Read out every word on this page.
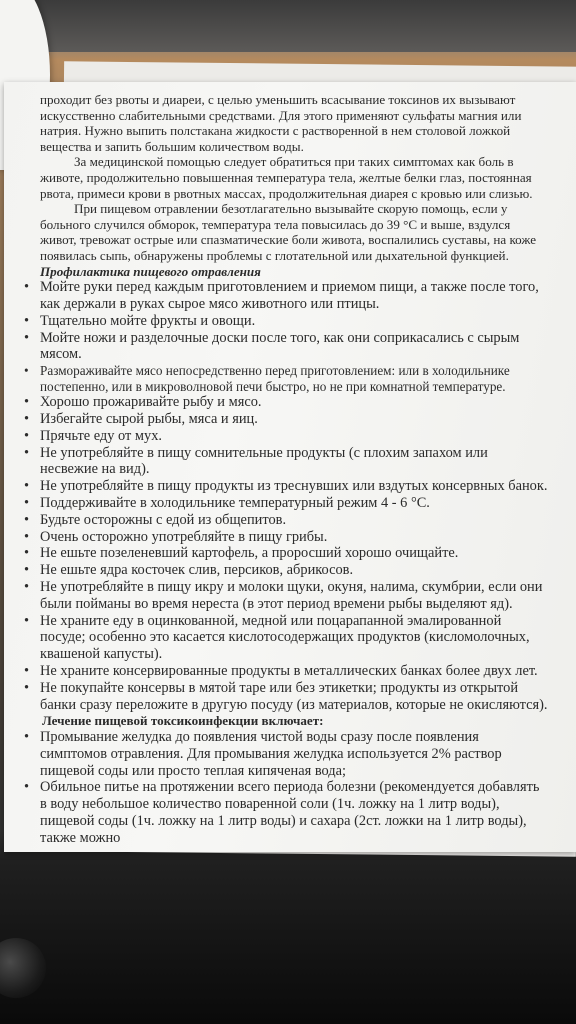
проходит без рвоты и диареи, с целью уменьшить всасывание токсинов их вызывают искусственно слабительными средствами. Для этого применяют сульфаты магния или натрия. Нужно выпить полстакана жидкости с растворенной в нем столовой ложкой вещества и запить большим количеством воды.

За медицинской помощью следует обратиться при таких симптомах как боль в животе, продолжительно повышенная температура тела, желтые белки глаз, постоянная рвота, примеси крови в рвотных массах, продолжительная диарея с кровью или слизью.

При пищевом отравлении безотлагательно вызывайте скорую помощь, если у больного случился обморок, температура тела повысилась до 39 °С и выше, вздулся живот, тревожат острые или спазматические боли живота, воспалились суставы, на коже появилась сыпь, обнаружены проблемы с глотательной или дыхательной функцией.

Профилактика пищевого отравления

• Мойте руки перед каждым приготовлением и приемом пищи, а также после того, как держали в руках сырое мясо животного или птицы.
• Тщательно мойте фрукты и овощи.
• Мойте ножи и разделочные доски после того, как они соприкасались с сырым мясом.
• Размораживайте мясо непосредственно перед приготовлением: или в холодильнике постепенно, или в микроволновой печи быстро, но не при комнатной температуре.
• Хорошо прожаривайте рыбу и мясо.
• Избегайте сырой рыбы, мяса и яиц.
• Прячьте еду от мух.
• Не употребляйте в пищу сомнительные продукты (с плохим запахом или несвежие на вид).
• Не употребляйте в пищу продукты из треснувших или вздутых консервных банок.
• Поддерживайте в холодильнике температурный режим 4 - 6 °С.
• Будьте осторожны с едой из общепитов.
• Очень осторожно употребляйте в пищу грибы.
• Не ешьте позеленевший картофель, а проросший хорошо очищайте.
• Не ешьте ядра косточек слив, персиков, абрикосов.
• Не употребляйте в пищу икру и молоки щуки, окуня, налима, скумбрии, если они были пойманы во время нереста (в этот период времени рыбы выделяют яд).
• Не храните еду в оцинкованной, медной или поцарапанной эмалированной посуде; особенно это касается кислотосодержащих продуктов (кисломолочных, квашеной капусты).
• Не храните консервированные продукты в металлических банках более двух лет.
• Не покупайте консервы в мятой таре или без этикетки; продукты из открытой банки сразу переложите в другую посуду (из материалов, которые не окисляются).

Лечение пищевой токсикоинфекции включает:

• Промывание желудка до появления чистой воды сразу после появления симптомов отравления. Для промывания желудка используется 2% раствор пищевой соды или просто теплая кипяченая вода;
• Обильное питье на протяжении всего периода болезни (рекомендуется добавлять в воду небольшое количество поваренной соли (1ч. ложку на 1 литр воды), пищевой соды (1ч. ложку на 1 литр воды) и сахара (2ст. ложки на 1 литр воды), также можно
